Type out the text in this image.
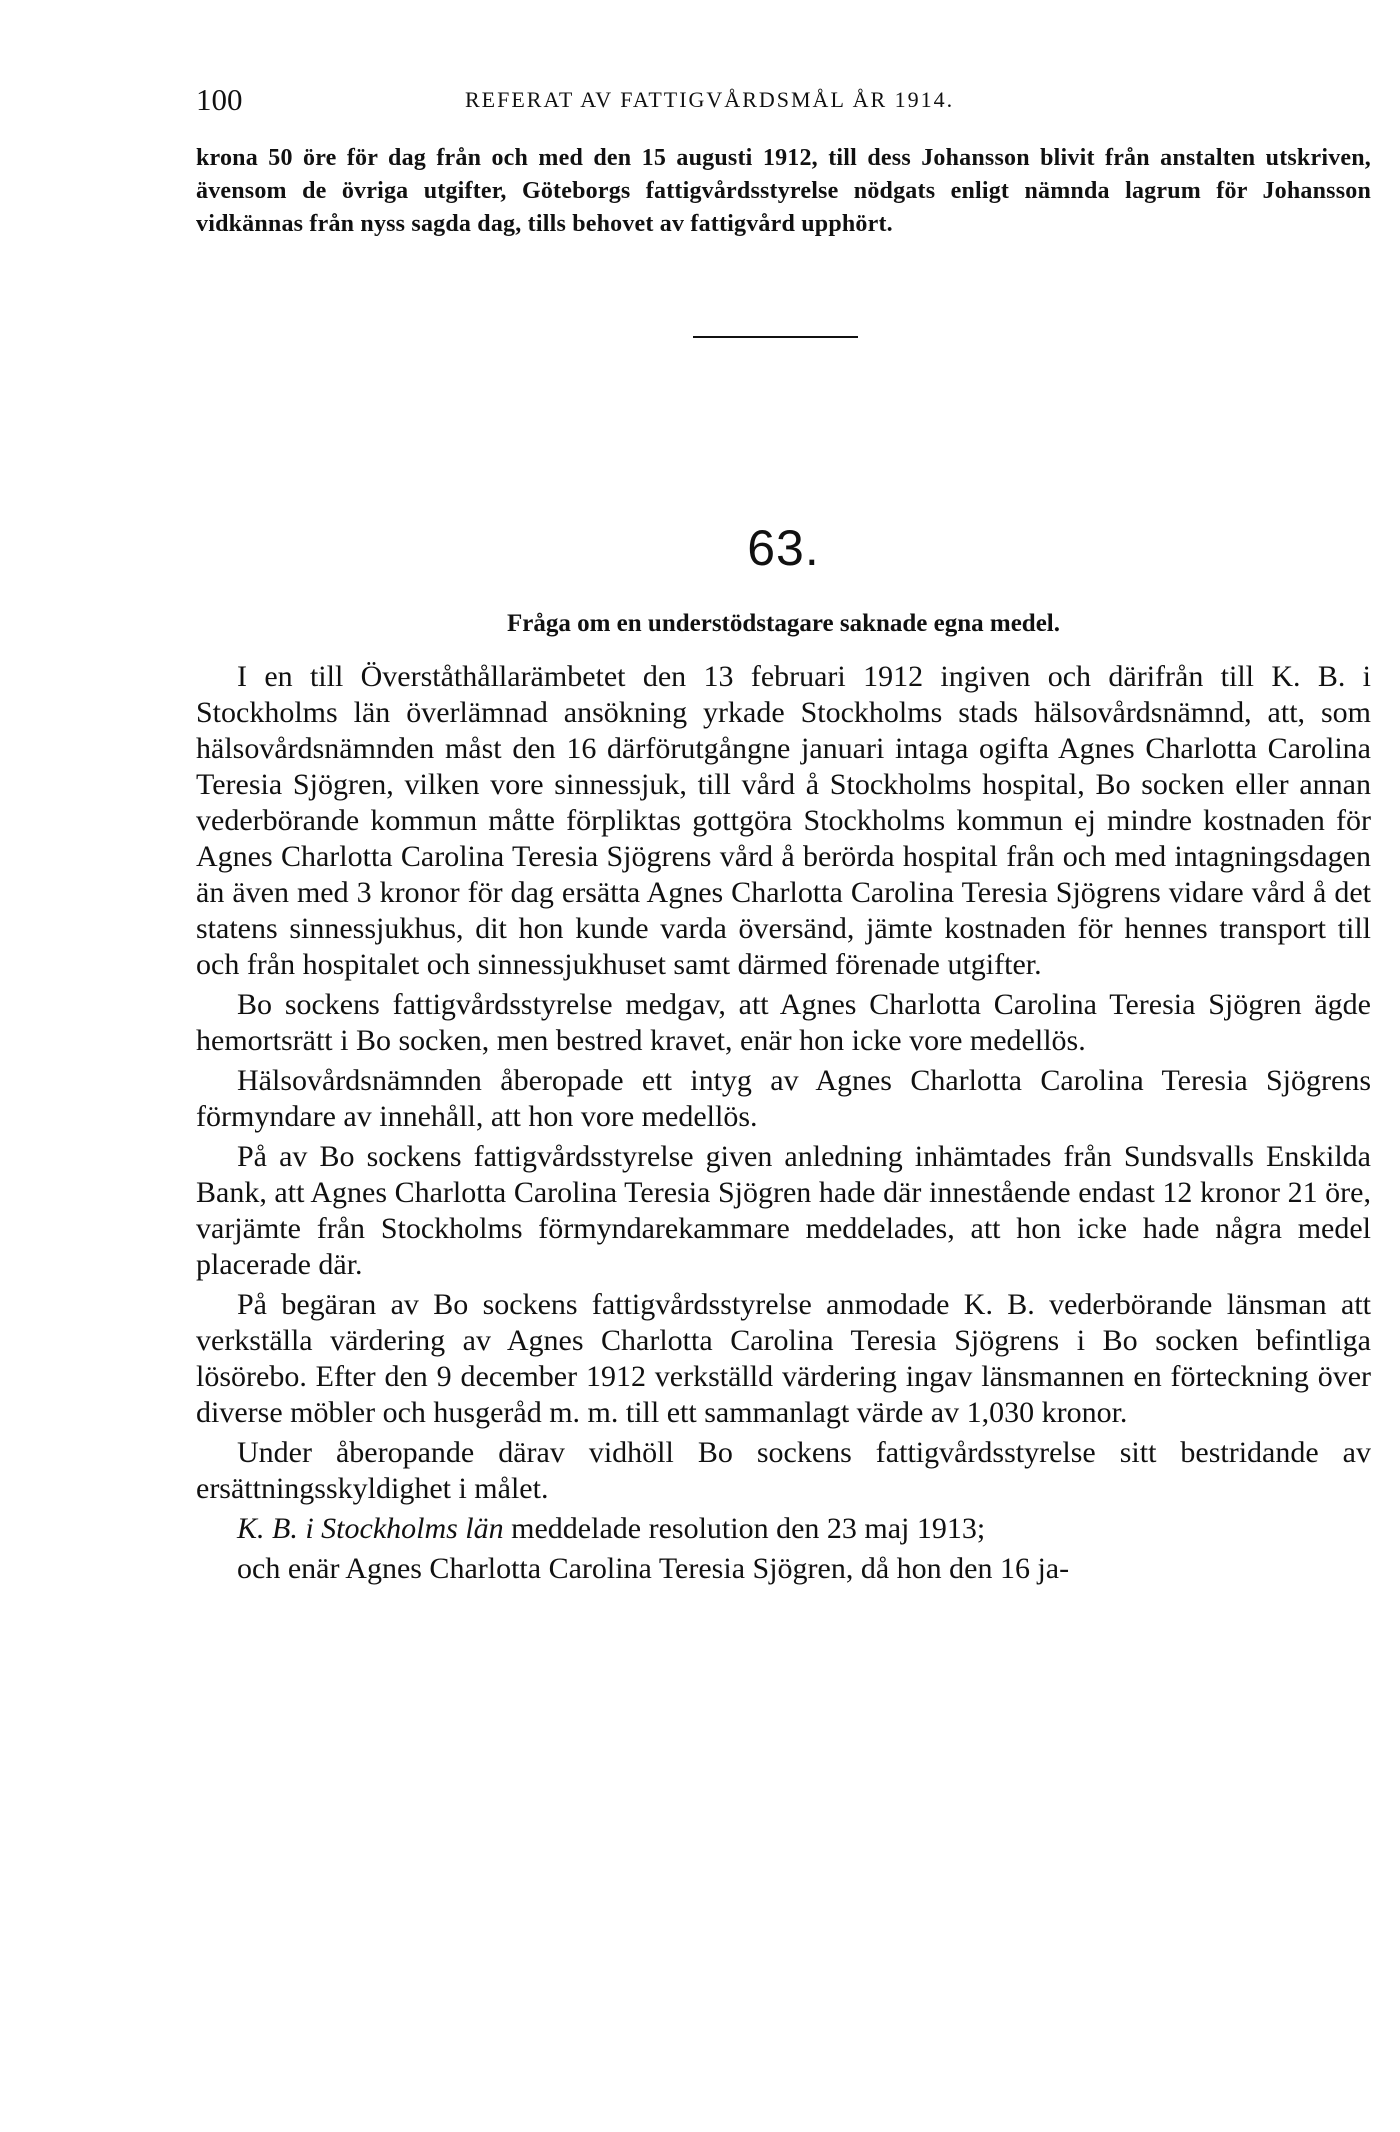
100	REFERAT AV FATTIGVÅRDSMÅL ÅR 1914.
krona 50 öre för dag från och med den 15 augusti 1912, till dess Johansson blivit från anstalten utskriven, ävensom de övriga utgifter, Göteborgs fattigvårdsstyrelse nödgats enligt nämnda lagrum för Johansson vidkännas från nyss sagda dag, tills behovet av fattigvård upphört.
63.
Fråga om en understödstagare saknade egna medel.

I en till Överståthållarämbetet den 13 februari 1912 ingiven och därifrån till K. B. i Stockholms län överlämnad ansökning yrkade Stockholms stads hälsovårdsnämnd, att, som hälsovårdsnämnden måst den 16 därförutgångne januari intaga ogifta Agnes Charlotta Carolina Teresia Sjögren, vilken vore sinnessjuk, till vård å Stockholms hospital, Bo socken eller annan vederbörande kommun måtte förpliktas gottgöra Stockholms kommun ej mindre kostnaden för Agnes Charlotta Carolina Teresia Sjögrens vård å berörda hospital från och med intagningsdagen än även med 3 kronor för dag ersätta Agnes Charlotta Carolina Teresia Sjögrens vidare vård å det statens sinnessjukhus, dit hon kunde varda översänd, jämte kostnaden för hennes transport till och från hospitalet och sinnessjukhuset samt därmed förenade utgifter.

Bo sockens fattigvårdsstyrelse medgav, att Agnes Charlotta Carolina Teresia Sjögren ägde hemortsrätt i Bo socken, men bestred kravet, enär hon icke vore medellös.

Hälsovårdsnämnden åberopade ett intyg av Agnes Charlotta Carolina Teresia Sjögrens förmyndare av innehåll, att hon vore medellös.

På av Bo sockens fattigvårdsstyrelse given anledning inhämtades från Sundsvalls Enskilda Bank, att Agnes Charlotta Carolina Teresia Sjögren hade där innestående endast 12 kronor 21 öre, varjämte från Stockholms förmyndarekammare meddelades, att hon icke hade några medel placerade där.

På begäran av Bo sockens fattigvårdsstyrelse anmodade K. B. vederbörande länsman att verkställa värdering av Agnes Charlotta Carolina Teresia Sjögrens i Bo socken befintliga lösörebo. Efter den 9 december 1912 verkställd värdering ingav länsmannen en förteckning över diverse möbler och husgeråd m. m. till ett sammanlagt värde av 1,030 kronor.

Under åberopande därav vidhöll Bo sockens fattigvårdsstyrelse sitt bestridande av ersättningsskyldighet i målet.

K. B. i Stockholms län meddelade resolution den 23 maj 1913;

och enär Agnes Charlotta Carolina Teresia Sjögren, då hon den 16 ja-
